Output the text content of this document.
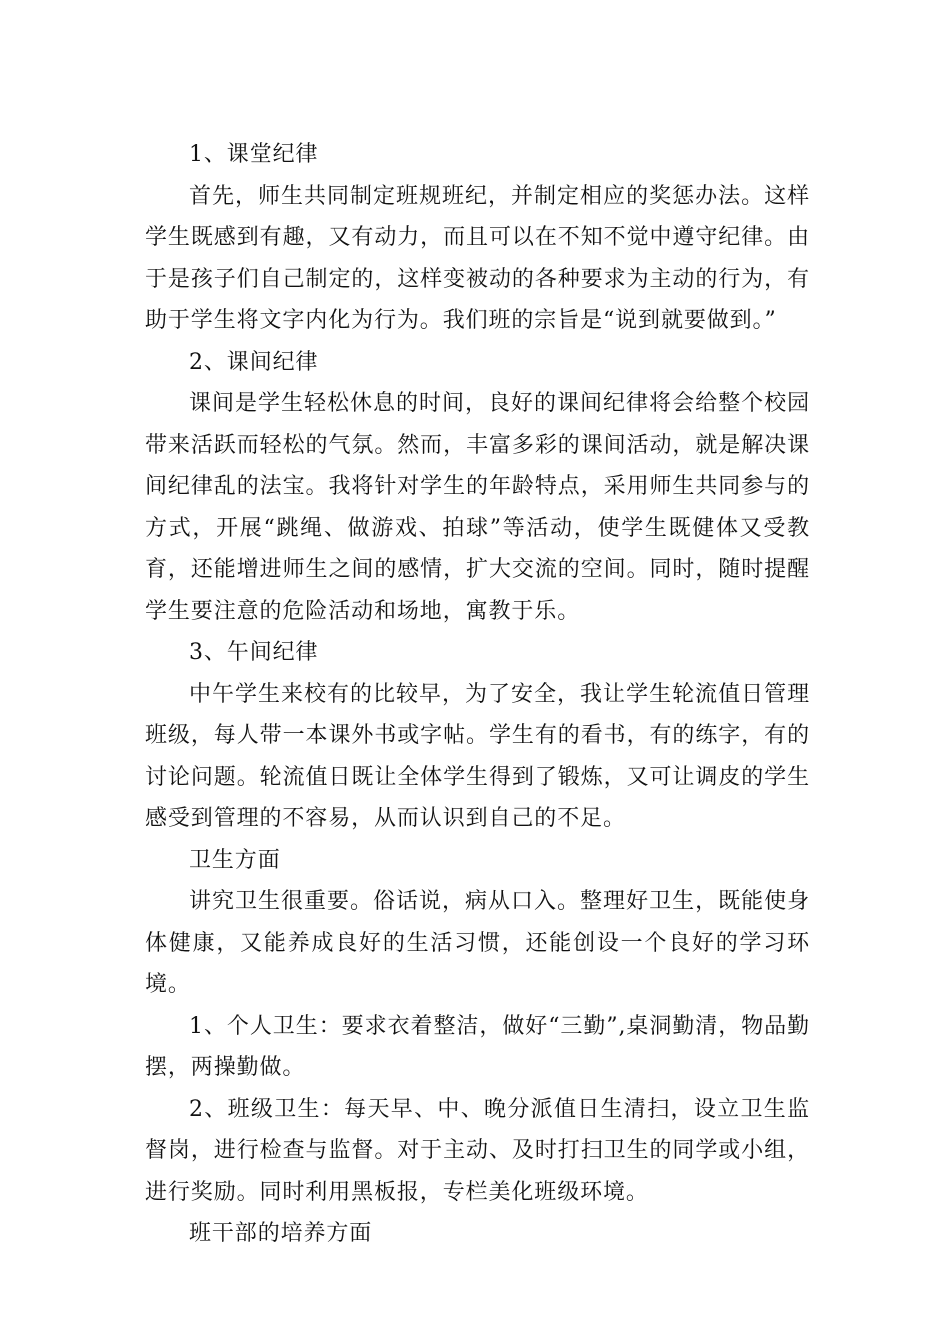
1、课堂纪律

首先，师生共同制定班规班纪，并制定相应的奖惩办法。这样学生既感到有趣，又有动力，而且可以在不知不觉中遵守纪律。由于是孩子们自己制定的，这样变被动的各种要求为主动的行为，有助于学生将文字内化为行为。我们班的宗旨是“说到就要做到。”

2、课间纪律

课间是学生轻松休息的时间，良好的课间纪律将会给整个校园带来活跃而轻松的气氛。然而，丰富多彩的课间活动，就是解决课间纪律乱的法宝。我将针对学生的年龄特点，采用师生共同参与的方式，开展“跳绳、做游戏、拍球”等活动，使学生既健体又受教育，还能增进师生之间的感情，扩大交流的空间。同时，随时提醒学生要注意的危险活动和场地，寓教于乐。

3、午间纪律

中午学生来校有的比较早，为了安全，我让学生轮流值日管理班级，每人带一本课外书或字帖。学生有的看书，有的练字，有的讨论问题。轮流值日既让全体学生得到了锻炼，又可让调皮的学生感受到管理的不容易，从而认识到自己的不足。

卫生方面

讲究卫生很重要。俗话说，病从口入。整理好卫生，既能使身体健康，又能养成良好的生活习惯，还能创设一个良好的学习环境。

1、个人卫生：要求衣着整洁，做好“三勤”,桌洞勤清，物品勤摆，两操勤做。

2、班级卫生：每天早、中、晚分派值日生清扫，设立卫生监督岗，进行检查与监督。对于主动、及时打扫卫生的同学或小组，进行奖励。同时利用黑板报，专栏美化班级环境。

班干部的培养方面
